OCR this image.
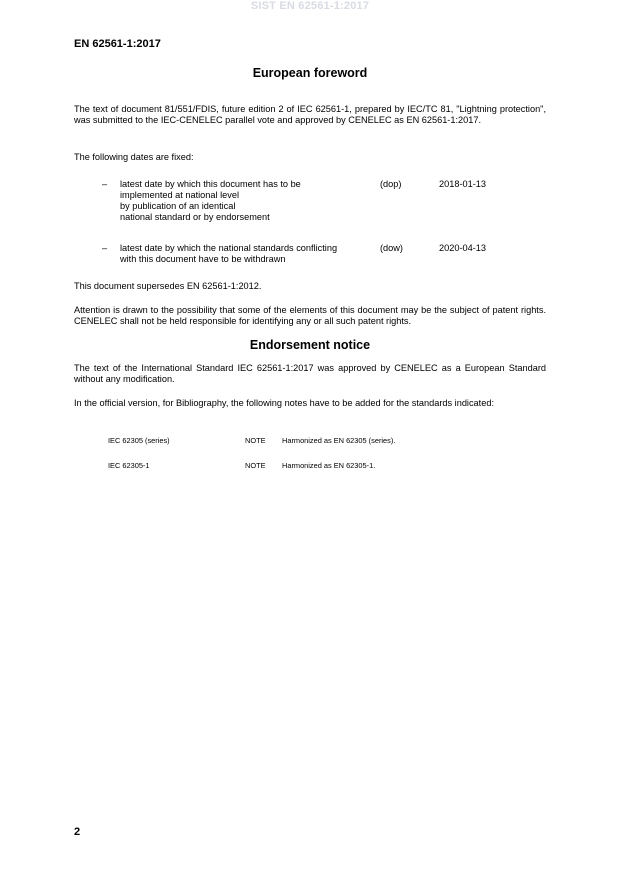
SIST EN 62561-1:2017
EN 62561-1:2017
European foreword
The text of document 81/551/FDIS, future edition 2 of IEC 62561-1, prepared by IEC/TC 81, "Lightning protection", was submitted to the IEC-CENELEC parallel vote and approved by CENELEC as EN 62561-1:2017.
The following dates are fixed:
– latest date by which this document has to be
implemented at national level
by publication of an identical
national standard or by endorsement
(dop)	2018-01-13
– latest date by which the national standards conflicting
with this document have to be withdrawn
(dow)	2020-04-13
This document supersedes EN 62561-1:2012.
Attention is drawn to the possibility that some of the elements of this document may be the subject of patent rights. CENELEC shall not be held responsible for identifying any or all such patent rights.
Endorsement notice
The text of the International Standard IEC 62561-1:2017 was approved by CENELEC as a European Standard without any modification.
In the official version, for Bibliography, the following notes have to be added for the standards indicated:
IEC 62305 (series)	NOTE Harmonized as EN 62305 (series).
IEC 62305-1	NOTE Harmonized as EN 62305-1.
2
